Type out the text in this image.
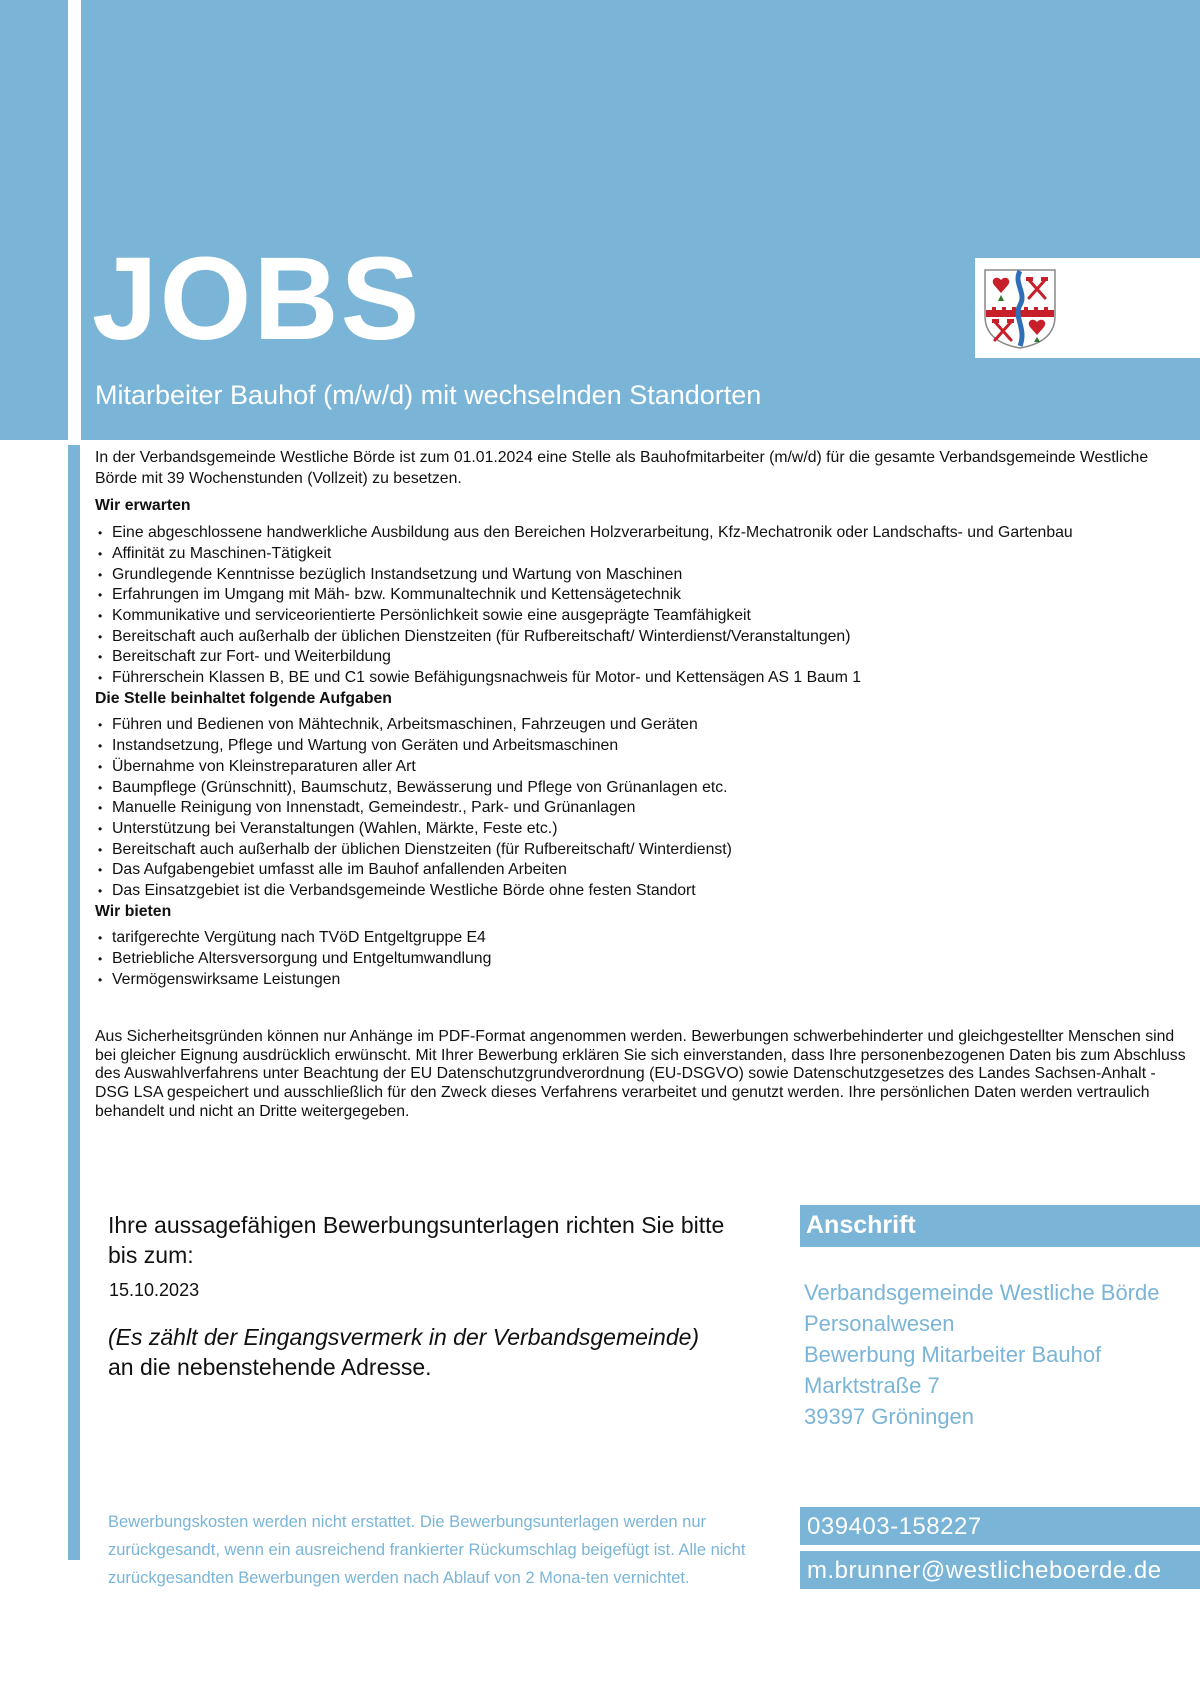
JOBS
Mitarbeiter Bauhof (m/w/d) mit wechselnden Standorten

In der Verbandsgemeinde Westliche Börde ist zum 01.01.2024 eine Stelle als Bauhofmitarbeiter (m/w/d) für die gesamte Verbandsgemeinde Westliche Börde mit 39 Wochenstunden (Vollzeit) zu besetzen.

Wir erwarten
• Eine abgeschlossene handwerkliche Ausbildung aus den Bereichen Holzverarbeitung, Kfz-Mechatronik oder Landschafts- und Gartenbau
• Affinität zu Maschinen-Tätigkeit
• Grundlegende Kenntnisse bezüglich Instandsetzung und Wartung von Maschinen
• Erfahrungen im Umgang mit Mäh- bzw. Kommunaltechnik und Kettensägetechnik
• Kommunikative und serviceorientierte Persönlichkeit sowie eine ausgeprägte Teamfähigkeit
• Bereitschaft auch außerhalb der üblichen Dienstzeiten (für Rufbereitschaft/ Winterdienst/Veranstaltungen)
• Bereitschaft zur Fort- und Weiterbildung
• Führerschein Klassen B, BE und C1 sowie Befähigungsnachweis für Motor- und Kettensägen AS 1 Baum 1
Die Stelle beinhaltet folgende Aufgaben
• Führen und Bedienen von Mähtechnik, Arbeitsmaschinen, Fahrzeugen und Geräten
• Instandsetzung, Pflege und Wartung von Geräten und Arbeitsmaschinen
• Übernahme von Kleinstreparaturen aller Art
• Baumpflege (Grünschnitt), Baumschutz, Bewässerung und Pflege von Grünanlagen etc.
• Manuelle Reinigung von Innenstadt, Gemeindestr., Park- und Grünanlagen
• Unterstützung bei Veranstaltungen (Wahlen, Märkte, Feste etc.)
• Bereitschaft auch außerhalb der üblichen Dienstzeiten (für Rufbereitschaft/ Winterdienst)
• Das Aufgabengebiet umfasst alle im Bauhof anfallenden Arbeiten
• Das Einsatzgebiet ist die Verbandsgemeinde Westliche Börde ohne festen Standort
Wir bieten
• tarifgerechte Vergütung nach TVöD Entgeltgruppe E4
• Betriebliche Altersversorgung und Entgeltumwandlung
• Vermögenswirksame Leistungen

Aus Sicherheitsgründen können nur Anhänge im PDF-Format angenommen werden. Bewerbungen schwerbehinderter und gleichgestellter Menschen sind bei gleicher Eignung ausdrücklich erwünscht. Mit Ihrer Bewerbung erklären Sie sich einverstanden, dass Ihre personenbezogenen Daten bis zum Abschluss des Auswahlverfahrens unter Beachtung der EU Datenschutzgrundverordnung (EU-DSGVO) sowie Datenschutzgesetzes des Landes Sachsen-Anhalt - DSG LSA gespeichert und ausschließlich für den Zweck dieses Verfahrens verarbeitet und genutzt werden. Ihre persönlichen Daten werden vertraulich behandelt und nicht an Dritte weitergegeben.

Ihre aussagefähigen Bewerbungsunterlagen richten Sie bitte bis zum:

15.10.2023

(Es zählt der Eingangsvermerk in der Verbandsgemeinde)
an die nebenstehende Adresse.

Anschrift
Verbandsgemeinde Westliche Börde
Personalwesen
Bewerbung Mitarbeiter Bauhof
Marktstraße 7
39397 Gröningen

Bewerbungskosten werden nicht erstattet. Die Bewerbungsunterlagen werden nur zurückgesandt, wenn ein ausreichend frankierter Rückumschlag beigefügt ist. Alle nicht zurückgesandten Bewerbungen werden nach Ablauf von 2 Mona-ten vernichtet.

039403-158227
m.brunner@westlicheboerde.de
